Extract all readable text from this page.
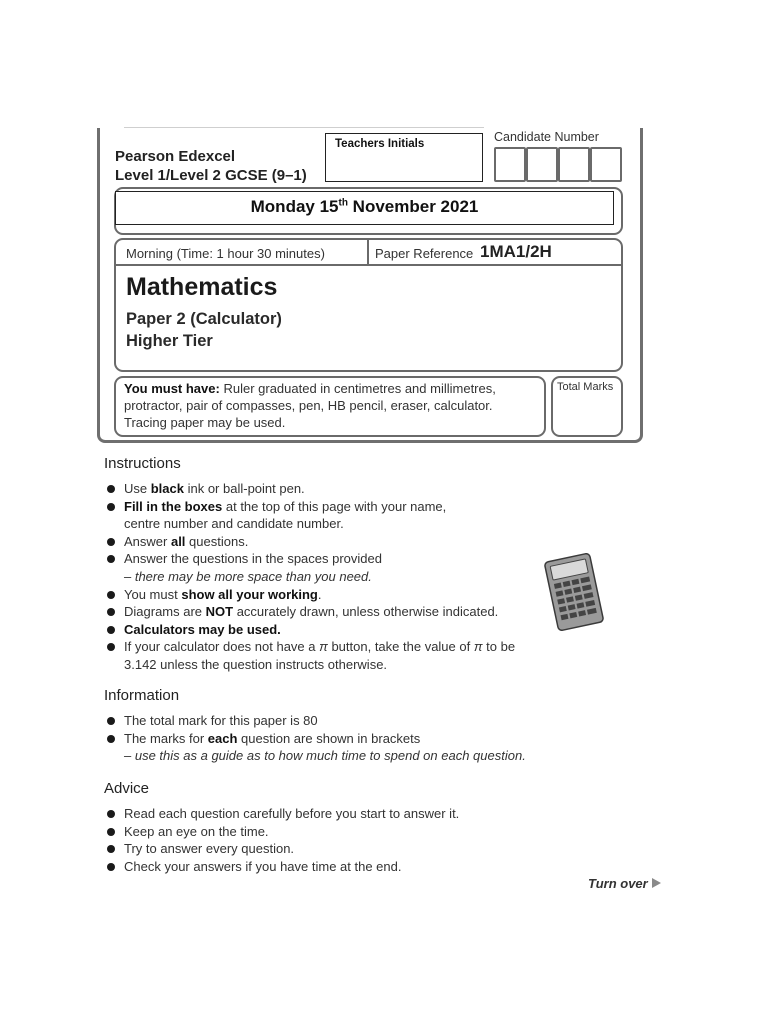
Pearson Edexcel
Level 1/Level 2 GCSE (9–1)
Teachers Initials	Candidate Number
Monday 15th November 2021
Morning (Time: 1 hour 30 minutes)	Paper Reference 1MA1/2H
Mathematics
Paper 2 (Calculator)
Higher Tier
You must have: Ruler graduated in centimetres and millimetres, protractor, pair of compasses, pen, HB pencil, eraser, calculator. Tracing paper may be used.
Total Marks
Instructions
Use black ink or ball-point pen.
Fill in the boxes at the top of this page with your name,
centre number and candidate number.
Answer all questions.
Answer the questions in the spaces provided
– there may be more space than you need.
You must show all your working.
Diagrams are NOT accurately drawn, unless otherwise indicated.
Calculators may be used.
If your calculator does not have a π button, take the value of π to be
3.142 unless the question instructs otherwise.
Information
The total mark for this paper is 80
The marks for each question are shown in brackets
– use this as a guide as to how much time to spend on each question.
Advice
Read each question carefully before you start to answer it.
Keep an eye on the time.
Try to answer every question.
Check your answers if you have time at the end.
Turn over
